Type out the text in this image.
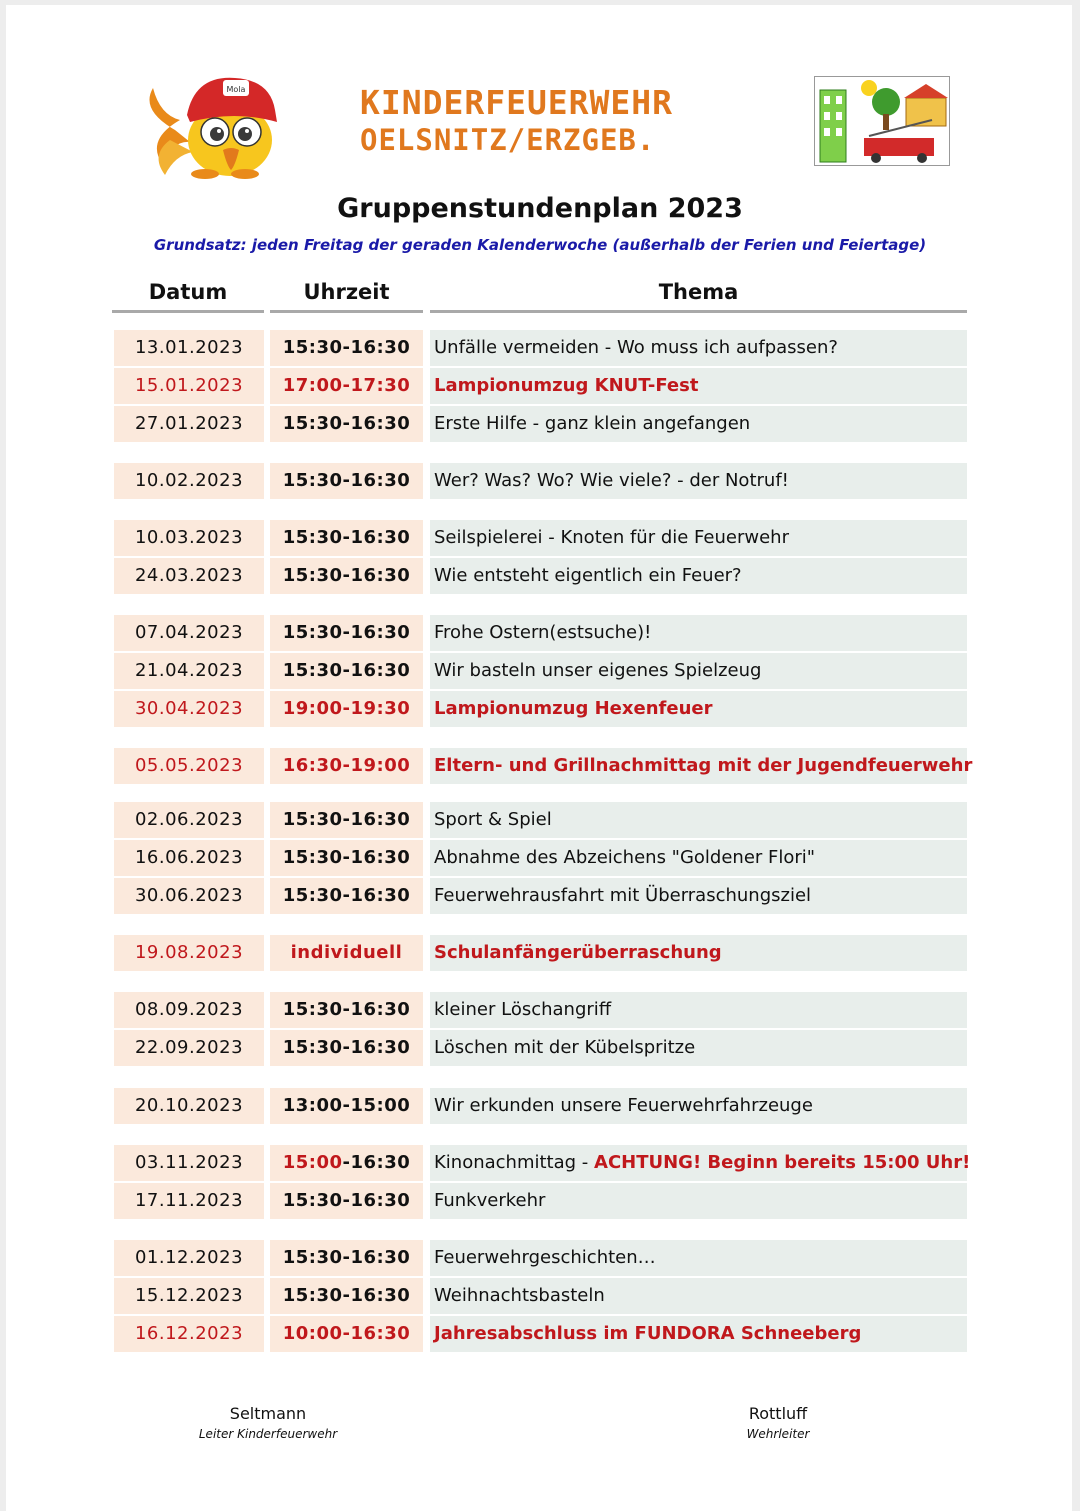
Mola	KINDERFEUERWEHR
OELSNITZ/ERZGEB.
Gruppenstundenplan 2023
Grundsatz: jeden Freitag der geraden Kalenderwoche (außerhalb der Ferien und Feiertage)
Datum	Uhrzeit	Thema
13.01.2023	15:30-16:30	Unfälle vermeiden - Wo muss ich aufpassen?
15.01.2023	17:00-17:30	Lampionumzug KNUT-Fest
27.01.2023	15:30-16:30	Erste Hilfe - ganz klein angefangen
10.02.2023	15:30-16:30	Wer? Was? Wo? Wie viele? - der Notruf!
10.03.2023	15:30-16:30	Seilspielerei - Knoten für die Feuerwehr
24.03.2023	15:30-16:30	Wie entsteht eigentlich ein Feuer?
07.04.2023	15:30-16:30	Frohe Ostern(estsuche)!
21.04.2023	15:30-16:30	Wir basteln unser eigenes Spielzeug
30.04.2023	19:00-19:30	Lampionumzug Hexenfeuer
05.05.2023	16:30-19:00	Eltern- und Grillnachmittag mit der Jugendfeuerwehr
02.06.2023	15:30-16:30	Sport & Spiel
16.06.2023	15:30-16:30	Abnahme des Abzeichens "Goldener Flori"
30.06.2023	15:30-16:30	Feuerwehrausfahrt mit Überraschungsziel
19.08.2023	individuell	Schulanfängerüberraschung
08.09.2023	15:30-16:30	kleiner Löschangriff
22.09.2023	15:30-16:30	Löschen mit der Kübelspritze
20.10.2023	13:00-15:00	Wir erkunden unsere Feuerwehrfahrzeuge
03.11.2023	15:00-16:30	Kinonachmittag - ACHTUNG! Beginn bereits 15:00 Uhr!
17.11.2023	15:30-16:30	Funkverkehr
01.12.2023	15:30-16:30	Feuerwehrgeschichten…
15.12.2023	15:30-16:30	Weihnachtsbasteln
16.12.2023	10:00-16:30	Jahresabschluss im FUNDORA Schneeberg
Seltmann
Leiter Kinderfeuerwehr
Rottluff
Wehrleiter
